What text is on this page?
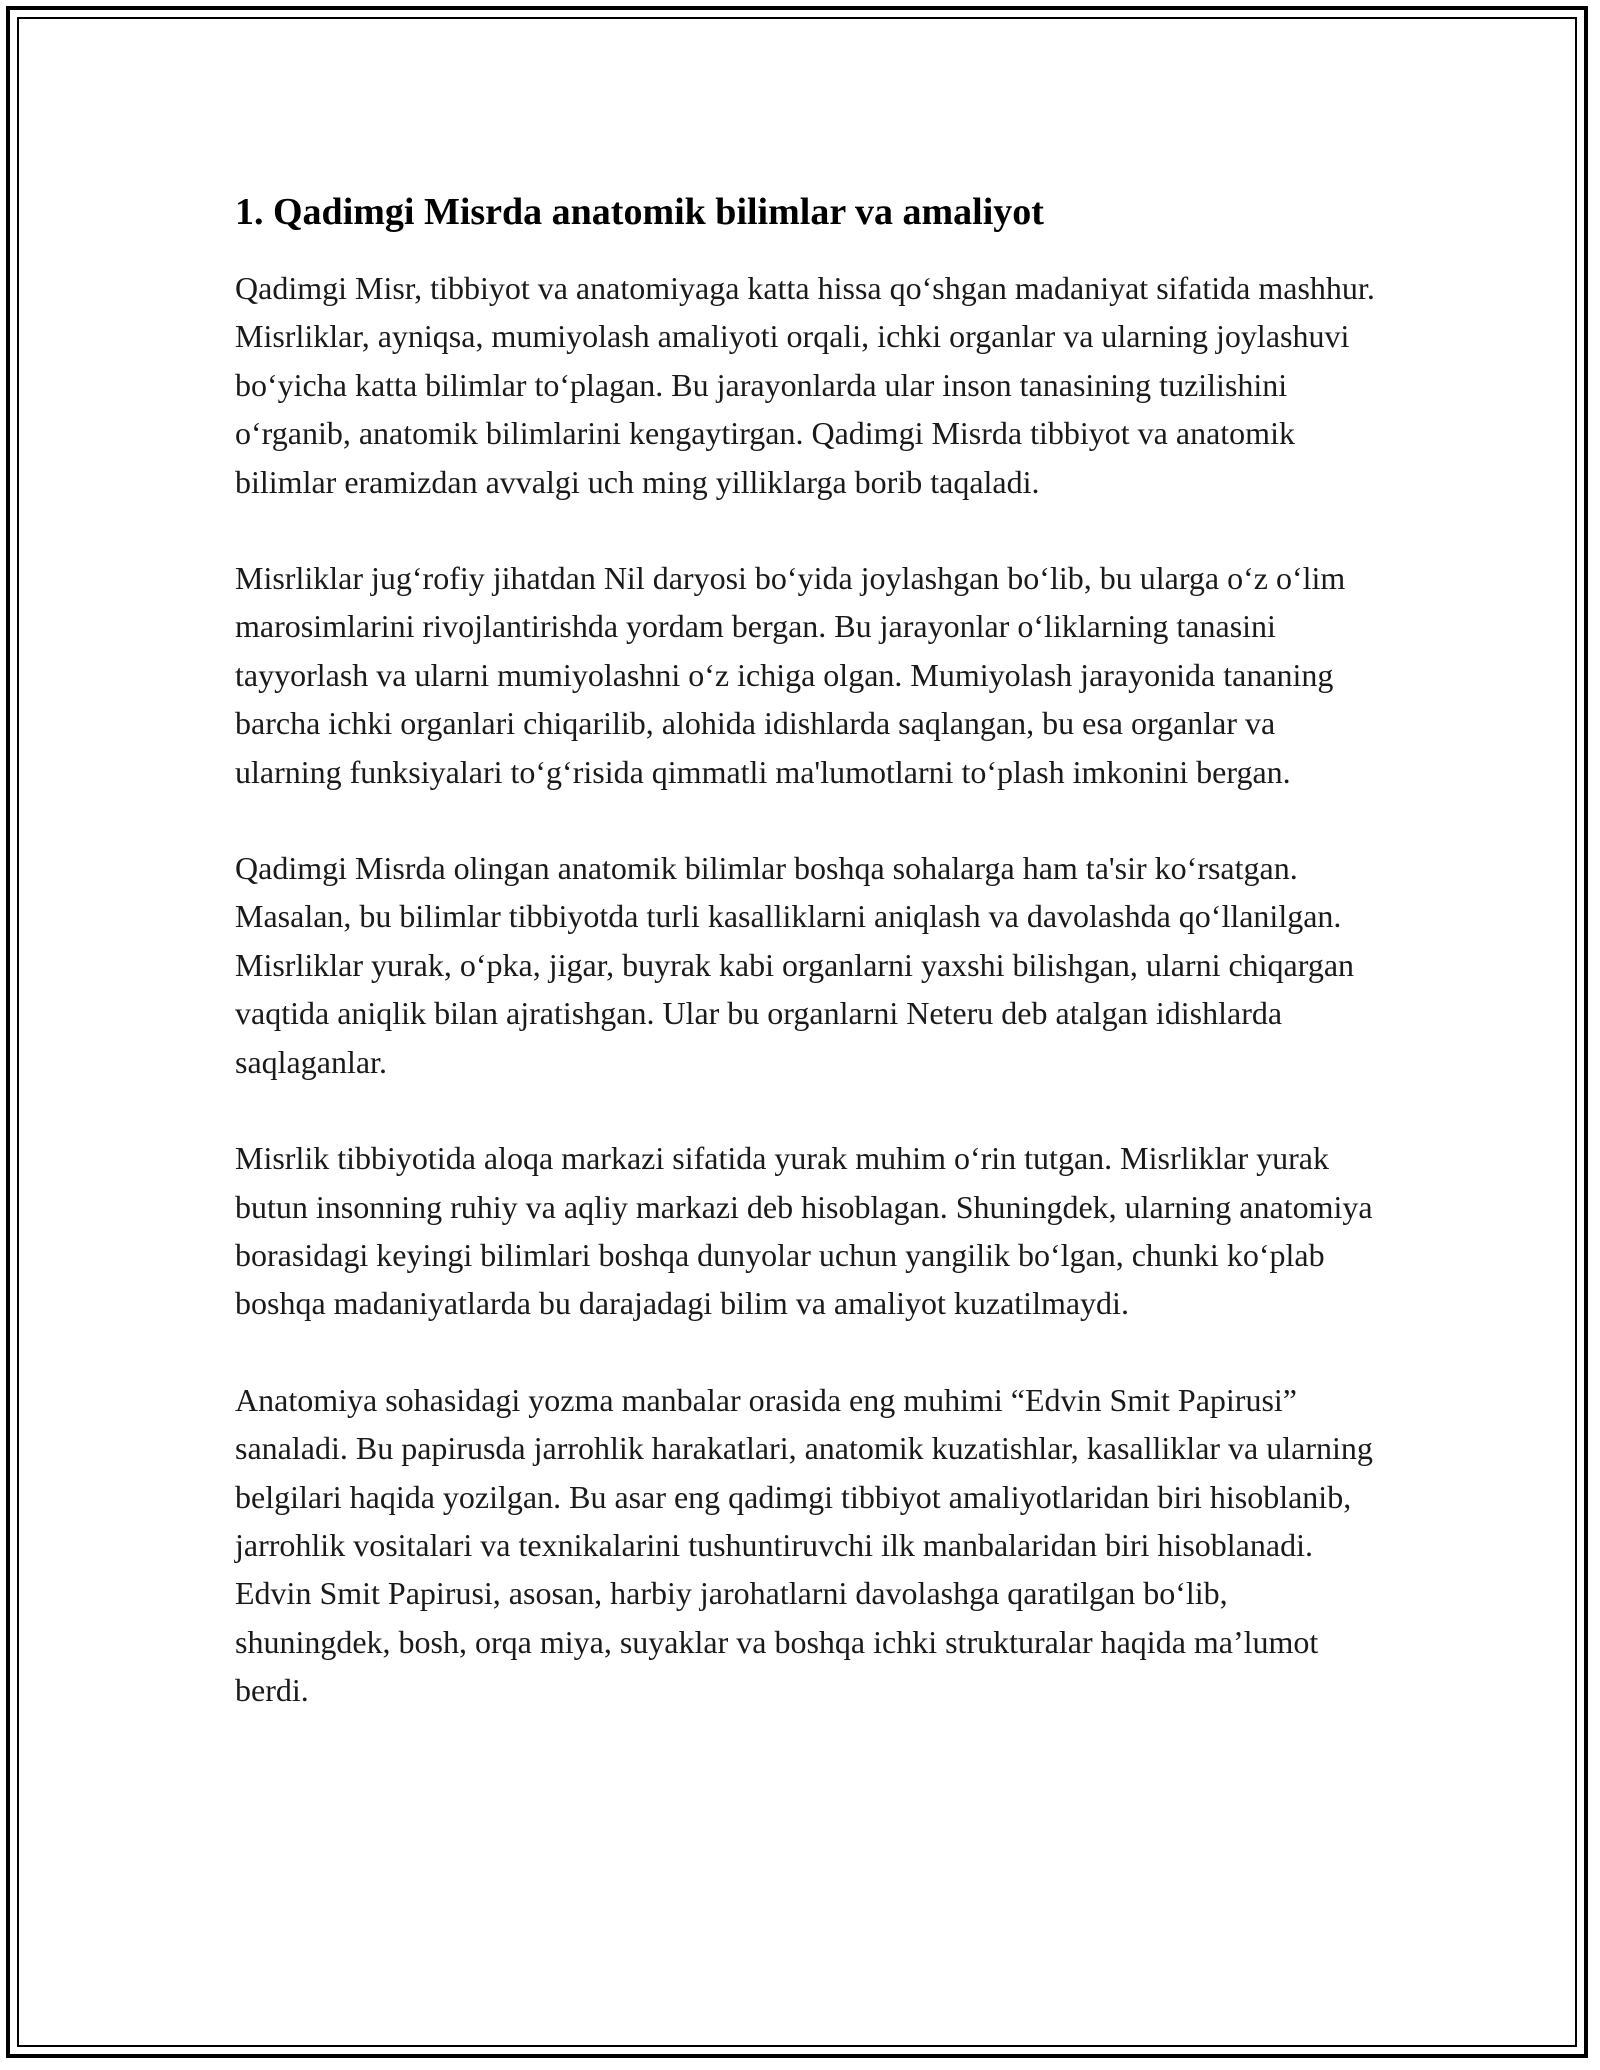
1. Qadimgi Misrda anatomik bilimlar va amaliyot

Qadimgi Misr, tibbiyot va anatomiyaga katta hissa qo‘shgan madaniyat sifatida mashhur. Misrliklar, ayniqsa, mumiyolash amaliyoti orqali, ichki organlar va ularning joylashuvi bo‘yicha katta bilimlar to‘plagan. Bu jarayonlarda ular inson tanasining tuzilishini o‘rganib, anatomik bilimlarini kengaytirgan. Qadimgi Misrda tibbiyot va anatomik bilimlar eramizdan avvalgi uch ming yilliklarga borib taqaladi.

Misrliklar jug‘rofiy jihatdan Nil daryosi bo‘yida joylashgan bo‘lib, bu ularga o‘z o‘lim marosimlarini rivojlantirishda yordam bergan. Bu jarayonlar o‘liklarning tanasini tayyorlash va ularni mumiyolashni o‘z ichiga olgan. Mumiyolash jarayonida tananing barcha ichki organlari chiqarilib, alohida idishlarda saqlangan, bu esa organlar va ularning funksiyalari to‘g‘risida qimmatli ma'lumotlarni to‘plash imkonini bergan.

Qadimgi Misrda olingan anatomik bilimlar boshqa sohalarga ham ta'sir ko‘rsatgan. Masalan, bu bilimlar tibbiyotda turli kasalliklarni aniqlash va davolashda qo‘llanilgan. Misrliklar yurak, o‘pka, jigar, buyrak kabi organlarni yaxshi bilishgan, ularni chiqargan vaqtida aniqlik bilan ajratishgan. Ular bu organlarni Neteru deb atalgan idishlarda saqlaganlar.

Misrlik tibbiyotida aloqa markazi sifatida yurak muhim o‘rin tutgan. Misrliklar yurak butun insonning ruhiy va aqliy markazi deb hisoblagan. Shuningdek, ularning anatomiya borasidagi keyingi bilimlari boshqa dunyolar uchun yangilik bo‘lgan, chunki ko‘plab boshqa madaniyatlarda bu darajadagi bilim va amaliyot kuzatilmaydi.

Anatomiya sohasidagi yozma manbalar orasida eng muhimi “Edvin Smit Papirusi” sanaladi. Bu papirusda jarrohlik harakatlari, anatomik kuzatishlar, kasalliklar va ularning belgilari haqida yozilgan. Bu asar eng qadimgi tibbiyot amaliyotlaridan biri hisoblanib, jarrohlik vositalari va texnikalarini tushuntiruvchi ilk manbalaridan biri hisoblanadi. Edvin Smit Papirusi, asosan, harbiy jarohatlarni davolashga qaratilgan bo‘lib, shuningdek, bosh, orqa miya, suyaklar va boshqa ichki strukturalar haqida ma’lumot berdi.
